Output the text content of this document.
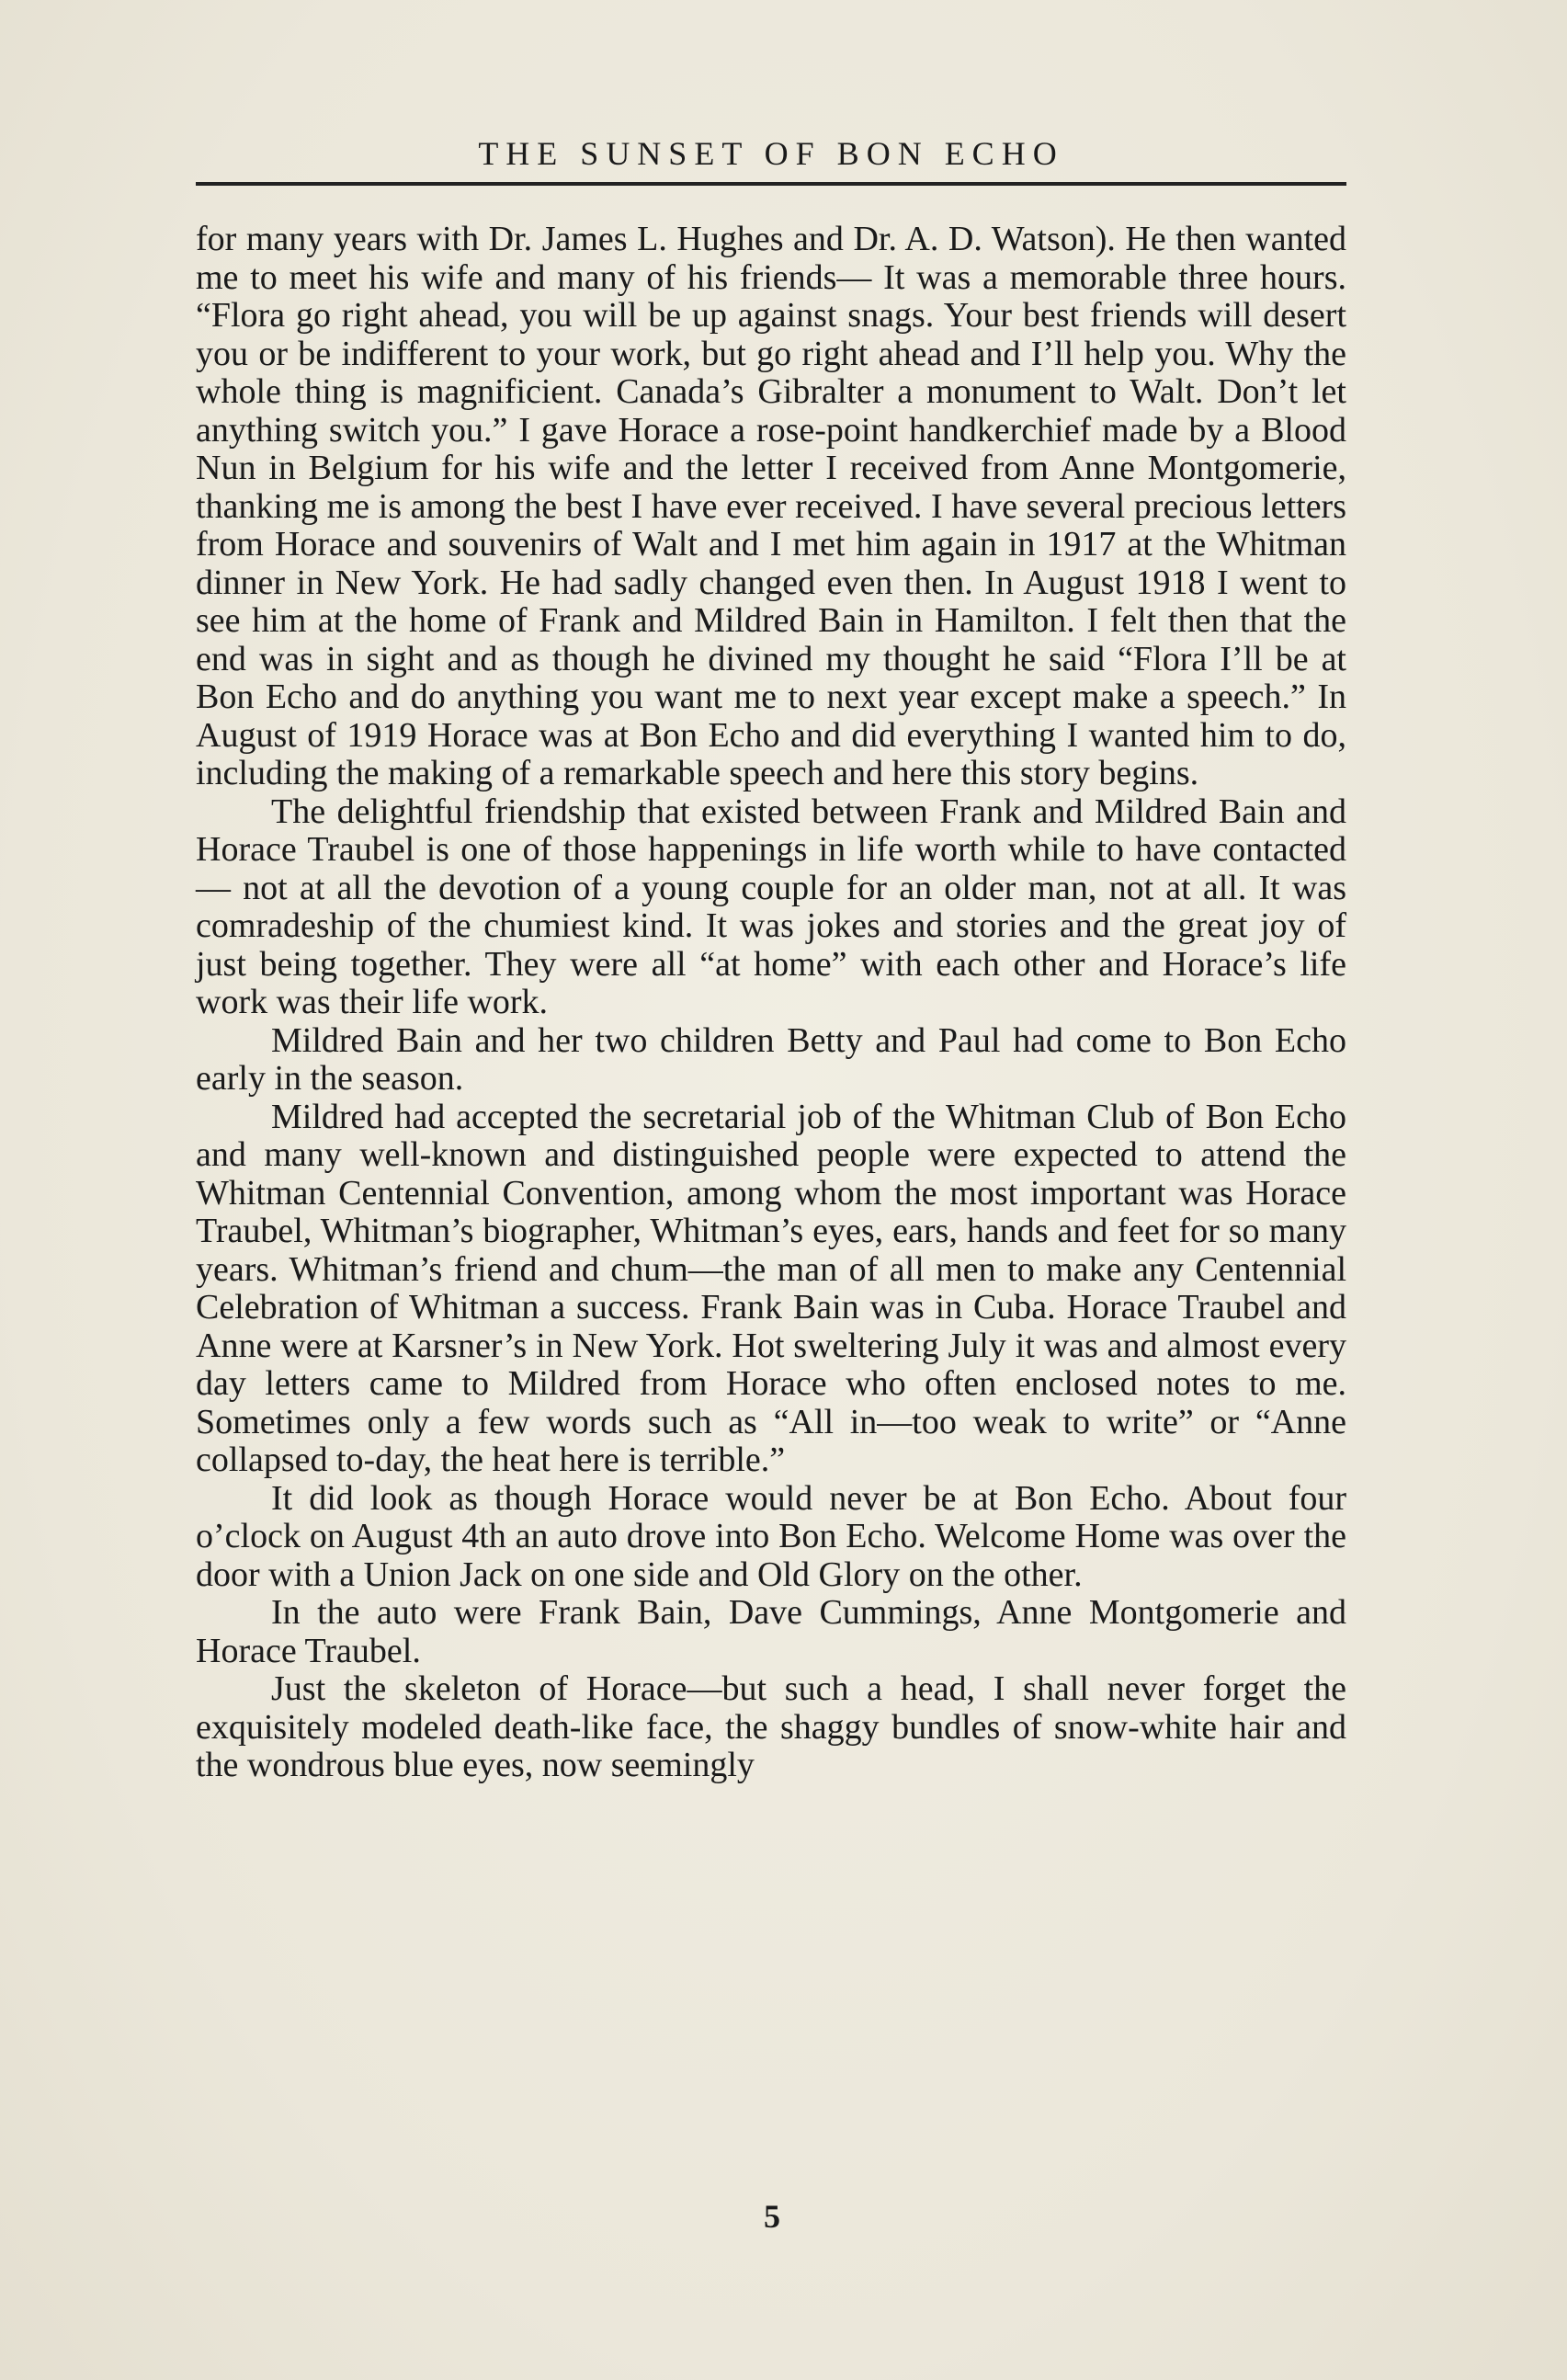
THE SUNSET OF BON ECHO

for many years with Dr. James L. Hughes and Dr. A. D. Watson). He then wanted me to meet his wife and many of his friends— It was a memorable three hours. “Flora go right ahead, you will be up against snags. Your best friends will desert you or be indifferent to your work, but go right ahead and I’ll help you. Why the whole thing is magnificient. Canada’s Gibralter a monument to Walt. Don’t let anything switch you.” I gave Horace a rose-point handkerchief made by a Blood Nun in Belgium for his wife and the letter I received from Anne Montgomerie, thanking me is among the best I have ever received. I have several precious letters from Horace and souvenirs of Walt and I met him again in 1917 at the Whitman dinner in New York. He had sadly changed even then. In August 1918 I went to see him at the home of Frank and Mildred Bain in Hamilton. I felt then that the end was in sight and as though he divined my thought he said “Flora I’ll be at Bon Echo and do anything you want me to next year except make a speech.” In August of 1919 Horace was at Bon Echo and did everything I wanted him to do, including the making of a remarkable speech and here this story begins.

The delightful friendship that existed between Frank and Mildred Bain and Horace Traubel is one of those happenings in life worth while to have contacted — not at all the devotion of a young couple for an older man, not at all. It was comradeship of the chumiest kind. It was jokes and stories and the great joy of just being together. They were all “at home” with each other and Horace’s life work was their life work.

Mildred Bain and her two children Betty and Paul had come to Bon Echo early in the season.

Mildred had accepted the secretarial job of the Whitman Club of Bon Echo and many well-known and distinguished people were expected to attend the Whitman Centennial Convention, among whom the most important was Horace Traubel, Whitman’s biographer, Whitman’s eyes, ears, hands and feet for so many years. Whitman’s friend and chum—the man of all men to make any Centennial Celebration of Whitman a success. Frank Bain was in Cuba. Horace Traubel and Anne were at Karsner’s in New York. Hot sweltering July it was and almost every day letters came to Mildred from Horace who often enclosed notes to me. Sometimes only a few words such as “All in—too weak to write” or “Anne collapsed to-day, the heat here is terrible.”

It did look as though Horace would never be at Bon Echo. About four o’clock on August 4th an auto drove into Bon Echo. Welcome Home was over the door with a Union Jack on one side and Old Glory on the other.

In the auto were Frank Bain, Dave Cummings, Anne Montgomerie and Horace Traubel.

Just the skeleton of Horace—but such a head, I shall never forget the exquisitely modeled death-like face, the shaggy bundles of snow-white hair and the wondrous blue eyes, now seemingly

5
